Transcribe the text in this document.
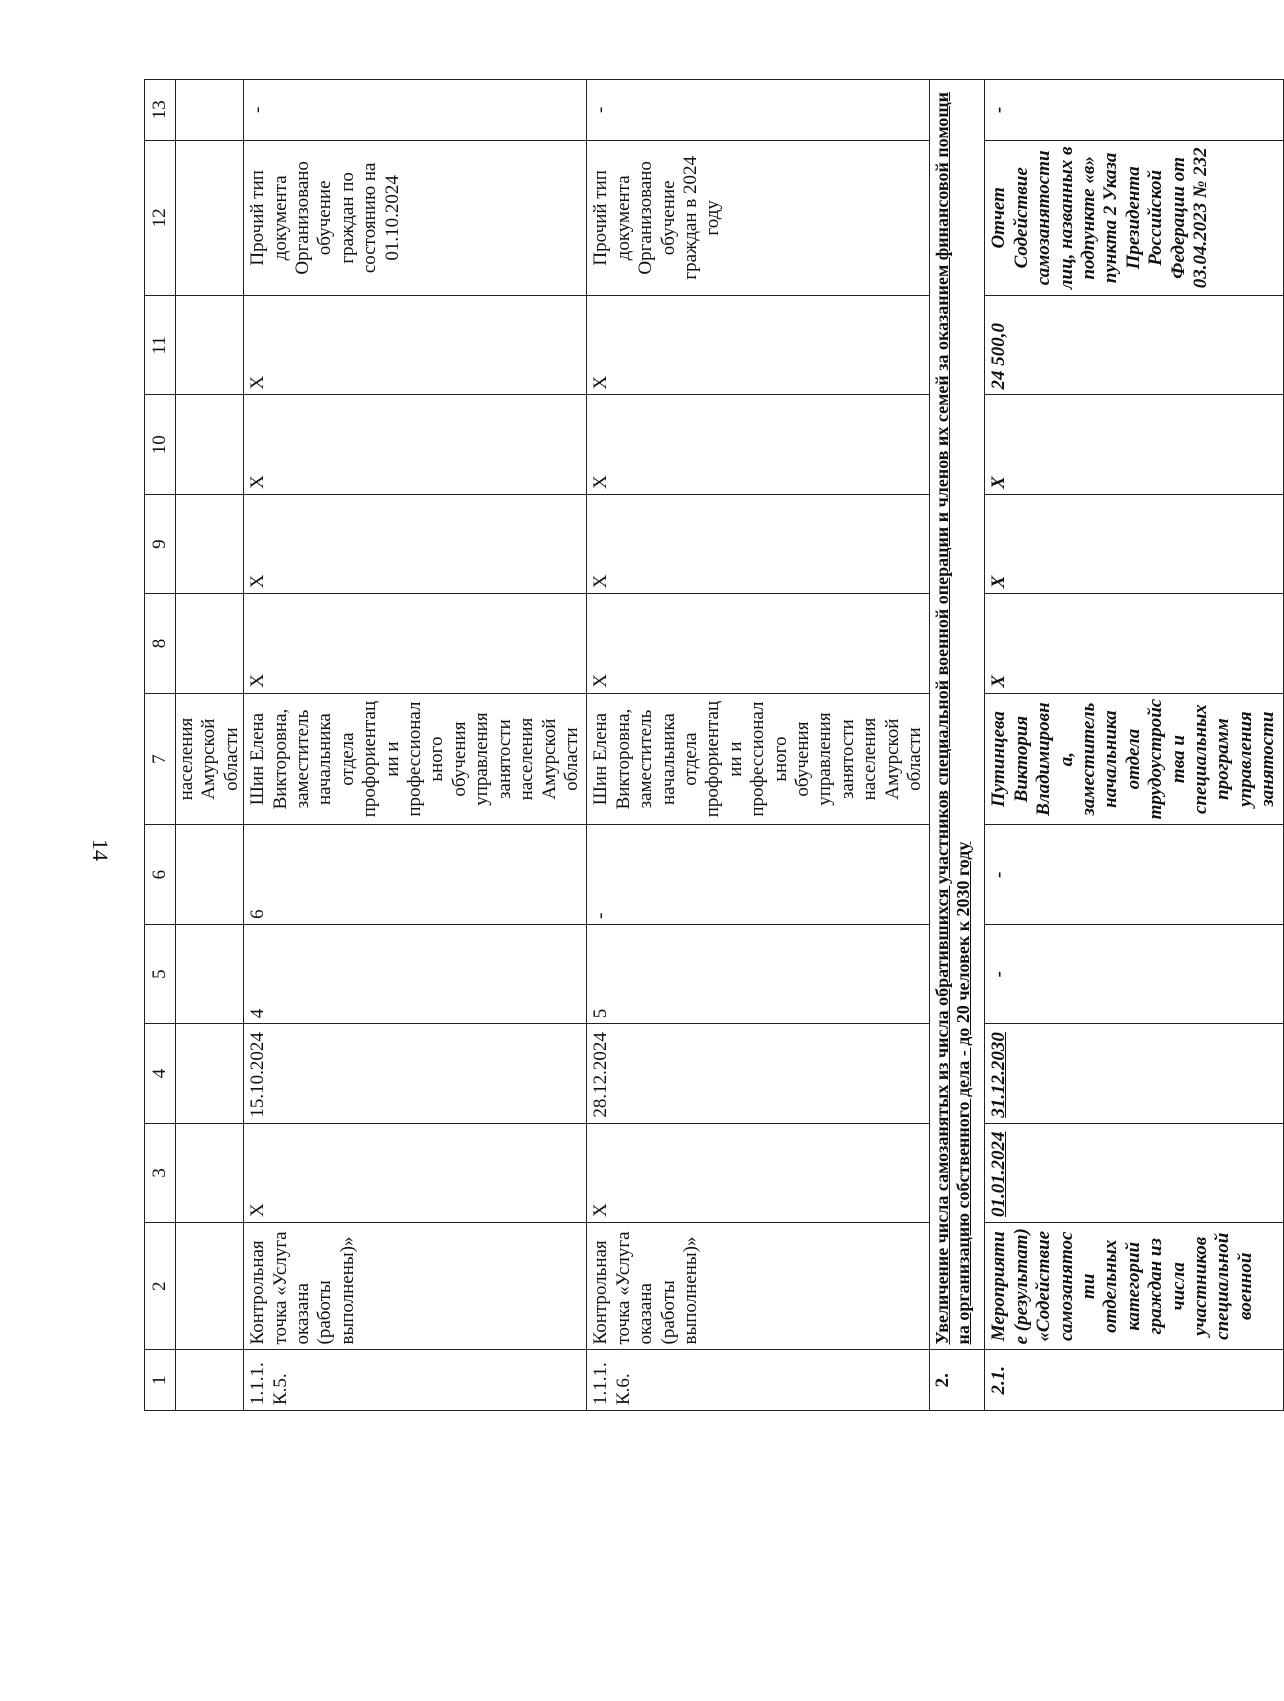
14
1	2	3	4	5	6	7	8	9	10	11	12	13
						населения Амурской области						
1.1.1.К.5.	Контрольная точка «Услуга оказана (работы выполнены)»	X	15.10.2024	4	6	Шин Елена Викторовна, заместитель начальника отдела профориентации и профессионального обучения управления занятости населения Амурской области	X	X	X	X	Прочий тип документа Организовано обучение граждан по состоянию на 01.10.2024	-
1.1.1.К.6.	Контрольная точка «Услуга оказана (работы выполнены)»	X	28.12.2024	5	-	Шин Елена Викторовна, заместитель начальника отдела профориентации и профессионального обучения управления занятости населения Амурской области	X	X	X	X	Прочий тип документа Организовано обучение граждан в 2024 году	-
2.	Увеличение числа самозанятых из числа обратившихся участников специальной военной операции и членов их семей за оказанием финансовой помощи на организацию собственного дела - до 20 человек к 2030 году											
2.1.	Мероприятие (результат) «Содействие самозанятости отдельных категорий граждан из числа участников специальной военной	01.01.2024	31.12.2030	-	-	Путинцева Виктория Владимировна, заместитель начальника отдела трудоустройства и специальных программ управления занятости	X	X	X	24 500,0	Отчет Содействие самозанятости лиц, названных в подпункте «в» пункта 2 Указа Президента Российской Федерации от 03.04.2023 № 232	-
